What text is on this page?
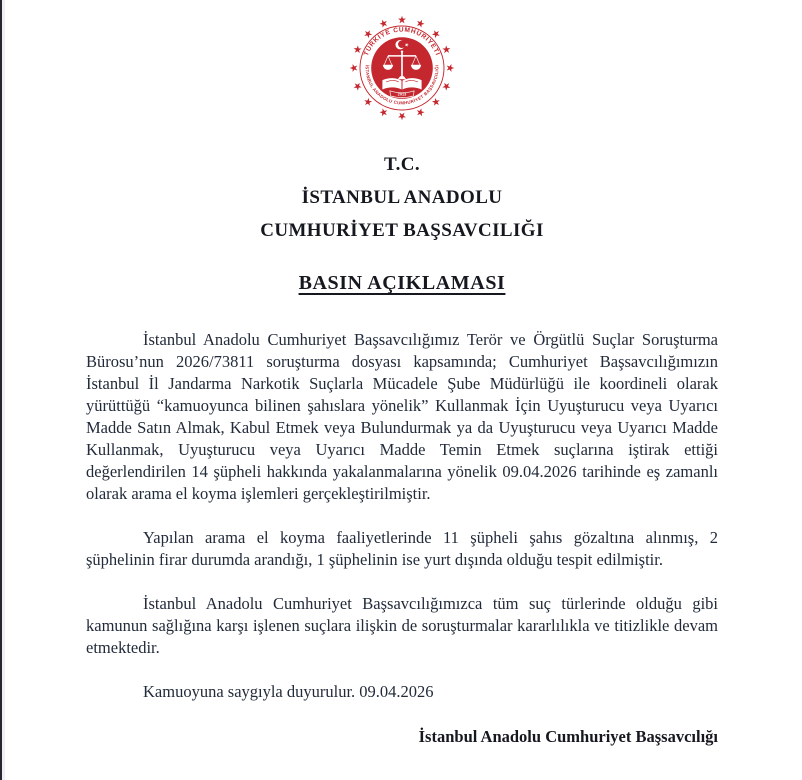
TÜRKİYE CUMHURİYETİ
İSTANBUL ANADOLU CUMHURİYET BAŞSAVCILIĞI
2013
T.C.
İSTANBUL ANADOLU
CUMHURİYET BAŞSAVCILIĞI
BASIN AÇIKLAMASI

İstanbul Anadolu Cumhuriyet Başsavcılığımız Terör ve Örgütlü Suçlar Soruşturma Bürosu’nun 2026/73811 soruşturma dosyası kapsamında; Cumhuriyet Başsavcılığımızın İstanbul İl Jandarma Narkotik Suçlarla Mücadele Şube Müdürlüğü ile koordineli olarak yürüttüğü “kamuoyunca bilinen şahıslara yönelik” Kullanmak İçin Uyuşturucu veya Uyarıcı Madde Satın Almak, Kabul Etmek veya Bulundurmak ya da Uyuşturucu veya Uyarıcı Madde Kullanmak, Uyuşturucu veya Uyarıcı Madde Temin Etmek suçlarına iştirak ettiği değerlendirilen 14 şüpheli hakkında yakalanmalarına yönelik 09.04.2026 tarihinde eş zamanlı olarak arama el koyma işlemleri gerçekleştirilmiştir.

Yapılan arama el koyma faaliyetlerinde 11 şüpheli şahıs gözaltına alınmış, 2 şüphelinin firar durumda arandığı, 1 şüphelinin ise yurt dışında olduğu tespit edilmiştir.

İstanbul Anadolu Cumhuriyet Başsavcılığımızca tüm suç türlerinde olduğu gibi kamunun sağlığına karşı işlenen suçlara ilişkin de soruşturmalar kararlılıkla ve titizlikle devam etmektedir.

Kamuoyuna saygıyla duyurulur. 09.04.2026

İstanbul Anadolu Cumhuriyet Başsavcılığı
